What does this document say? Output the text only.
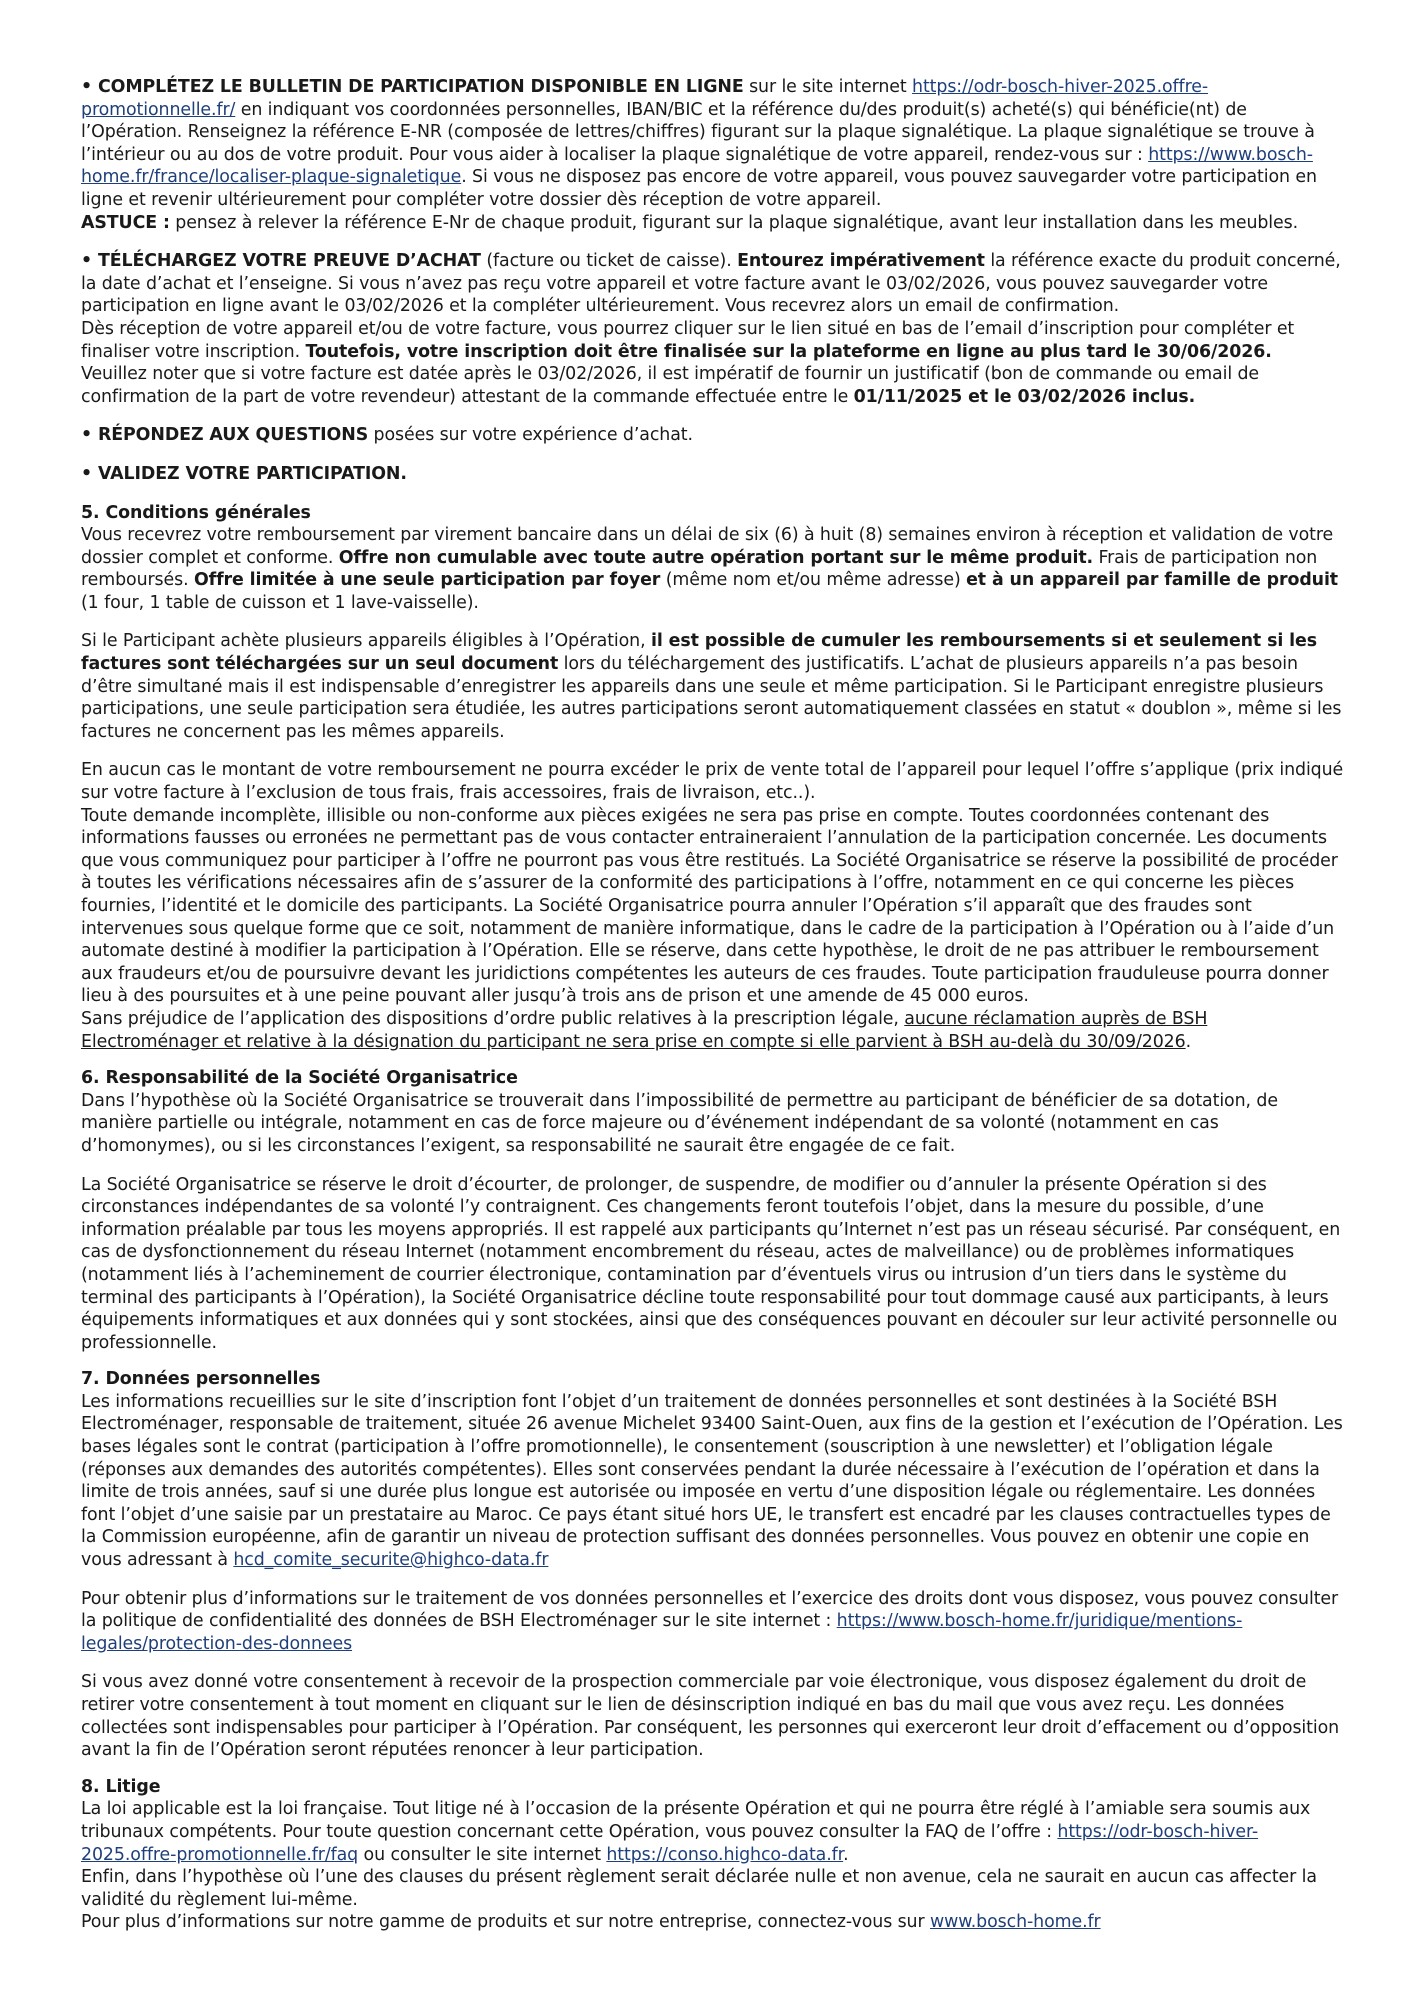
• COMPLÉTEZ LE BULLETIN DE PARTICIPATION DISPONIBLE EN LIGNE sur le site internet https://odr-bosch-hiver-2025.offre-promotionnelle.fr/ en indiquant vos coordonnées personnelles, IBAN/BIC et la référence du/des produit(s) acheté(s) qui bénéficie(nt) de l’Opération. Renseignez la référence E-NR (composée de lettres/chiffres) figurant sur la plaque signalétique. La plaque signalétique se trouve à l’intérieur ou au dos de votre produit. Pour vous aider à localiser la plaque signalétique de votre appareil, rendez-vous sur : https://www.bosch-home.fr/france/localiser-plaque-signaletique. Si vous ne disposez pas encore de votre appareil, vous pouvez sauvegarder votre participation en ligne et revenir ultérieurement pour compléter votre dossier dès réception de votre appareil.

ASTUCE : pensez à relever la référence E-Nr de chaque produit, figurant sur la plaque signalétique, avant leur installation dans les meubles.

• TÉLÉCHARGEZ VOTRE PREUVE D’ACHAT (facture ou ticket de caisse). Entourez impérativement la référence exacte du produit concerné, la date d’achat et l’enseigne. Si vous n’avez pas reçu votre appareil et votre facture avant le 03/02/2026, vous pouvez sauvegarder votre participation en ligne avant le 03/02/2026 et la compléter ultérieurement. Vous recevrez alors un email de confirmation.

Dès réception de votre appareil et/ou de votre facture, vous pourrez cliquer sur le lien situé en bas de l’email d’inscription pour compléter et finaliser votre inscription. Toutefois, votre inscription doit être finalisée sur la plateforme en ligne au plus tard le 30/06/2026.

Veuillez noter que si votre facture est datée après le 03/02/2026, il est impératif de fournir un justificatif (bon de commande ou email de confirmation de la part de votre revendeur) attestant de la commande effectuée entre le 01/11/2025 et le 03/02/2026 inclus.

• RÉPONDEZ AUX QUESTIONS posées sur votre expérience d’achat.

• VALIDEZ VOTRE PARTICIPATION.

5. Conditions générales

Vous recevrez votre remboursement par virement bancaire dans un délai de six (6) à huit (8) semaines environ à réception et validation de votre dossier complet et conforme. Offre non cumulable avec toute autre opération portant sur le même produit. Frais de participation non remboursés. Offre limitée à une seule participation par foyer (même nom et/ou même adresse) et à un appareil par famille de produit (1 four, 1 table de cuisson et 1 lave-vaisselle).

Si le Participant achète plusieurs appareils éligibles à l’Opération, il est possible de cumuler les remboursements si et seulement si les factures sont téléchargées sur un seul document lors du téléchargement des justificatifs. L’achat de plusieurs appareils n’a pas besoin d’être simultané mais il est indispensable d’enregistrer les appareils dans une seule et même participation. Si le Participant enregistre plusieurs participations, une seule participation sera étudiée, les autres participations seront automatiquement classées en statut « doublon », même si les factures ne concernent pas les mêmes appareils.

En aucun cas le montant de votre remboursement ne pourra excéder le prix de vente total de l’appareil pour lequel l’offre s’applique (prix indiqué sur votre facture à l’exclusion de tous frais, frais accessoires, frais de livraison, etc..).

Toute demande incomplète, illisible ou non-conforme aux pièces exigées ne sera pas prise en compte. Toutes coordonnées contenant des informations fausses ou erronées ne permettant pas de vous contacter entraineraient l’annulation de la participation concernée. Les documents que vous communiquez pour participer à l’offre ne pourront pas vous être restitués. La Société Organisatrice se réserve la possibilité de procéder à toutes les vérifications nécessaires afin de s’assurer de la conformité des participations à l’offre, notamment en ce qui concerne les pièces fournies, l’identité et le domicile des participants. La Société Organisatrice pourra annuler l’Opération s’il apparaît que des fraudes sont intervenues sous quelque forme que ce soit, notamment de manière informatique, dans le cadre de la participation à l’Opération ou à l’aide d’un automate destiné à modifier la participation à l’Opération. Elle se réserve, dans cette hypothèse, le droit de ne pas attribuer le remboursement aux fraudeurs et/ou de poursuivre devant les juridictions compétentes les auteurs de ces fraudes. Toute participation frauduleuse pourra donner lieu à des poursuites et à une peine pouvant aller jusqu’à trois ans de prison et une amende de 45 000 euros.

Sans préjudice de l’application des dispositions d’ordre public relatives à la prescription légale, aucune réclamation auprès de BSH Electroménager et relative à la désignation du participant ne sera prise en compte si elle parvient à BSH au-delà du 30/09/2026.

6. Responsabilité de la Société Organisatrice

Dans l’hypothèse où la Société Organisatrice se trouverait dans l’impossibilité de permettre au participant de bénéficier de sa dotation, de manière partielle ou intégrale, notamment en cas de force majeure ou d’événement indépendant de sa volonté (notamment en cas d’homonymes), ou si les circonstances l’exigent, sa responsabilité ne saurait être engagée de ce fait.

La Société Organisatrice se réserve le droit d’écourter, de prolonger, de suspendre, de modifier ou d’annuler la présente Opération si des circonstances indépendantes de sa volonté l’y contraignent. Ces changements feront toutefois l’objet, dans la mesure du possible, d’une information préalable par tous les moyens appropriés. Il est rappelé aux participants qu’Internet n’est pas un réseau sécurisé. Par conséquent, en cas de dysfonctionnement du réseau Internet (notamment encombrement du réseau, actes de malveillance) ou de problèmes informatiques (notamment liés à l’acheminement de courrier électronique, contamination par d’éventuels virus ou intrusion d’un tiers dans le système du terminal des participants à l’Opération), la Société Organisatrice décline toute responsabilité pour tout dommage causé aux participants, à leurs équipements informatiques et aux données qui y sont stockées, ainsi que des conséquences pouvant en découler sur leur activité personnelle ou professionnelle.

7. Données personnelles

Les informations recueillies sur le site d’inscription font l’objet d’un traitement de données personnelles et sont destinées à la Société BSH Electroménager, responsable de traitement, située 26 avenue Michelet 93400 Saint-Ouen, aux fins de la gestion et l’exécution de l’Opération. Les bases légales sont le contrat (participation à l’offre promotionnelle), le consentement (souscription à une newsletter) et l’obligation légale (réponses aux demandes des autorités compétentes). Elles sont conservées pendant la durée nécessaire à l’exécution de l’opération et dans la limite de trois années, sauf si une durée plus longue est autorisée ou imposée en vertu d’une disposition légale ou réglementaire. Les données font l’objet d’une saisie par un prestataire au Maroc. Ce pays étant situé hors UE, le transfert est encadré par les clauses contractuelles types de la Commission européenne, afin de garantir un niveau de protection suffisant des données personnelles. Vous pouvez en obtenir une copie en vous adressant à hcd_comite_securite@highco-data.fr

Pour obtenir plus d’informations sur le traitement de vos données personnelles et l’exercice des droits dont vous disposez, vous pouvez consulter la politique de confidentialité des données de BSH Electroménager sur le site internet : https://www.bosch-home.fr/juridique/mentions-legales/protection-des-donnees

Si vous avez donné votre consentement à recevoir de la prospection commerciale par voie électronique, vous disposez également du droit de retirer votre consentement à tout moment en cliquant sur le lien de désinscription indiqué en bas du mail que vous avez reçu. Les données collectées sont indispensables pour participer à l’Opération. Par conséquent, les personnes qui exerceront leur droit d’effacement ou d’opposition avant la fin de l’Opération seront réputées renoncer à leur participation.

8. Litige

La loi applicable est la loi française. Tout litige né à l’occasion de la présente Opération et qui ne pourra être réglé à l’amiable sera soumis aux tribunaux compétents. Pour toute question concernant cette Opération, vous pouvez consulter la FAQ de l’offre : https://odr-bosch-hiver-2025.offre-promotionnelle.fr/faq ou consulter le site internet https://conso.highco-data.fr.

Enfin, dans l’hypothèse où l’une des clauses du présent règlement serait déclarée nulle et non avenue, cela ne saurait en aucun cas affecter la validité du règlement lui-même.

Pour plus d’informations sur notre gamme de produits et sur notre entreprise, connectez-vous sur www.bosch-home.fr
